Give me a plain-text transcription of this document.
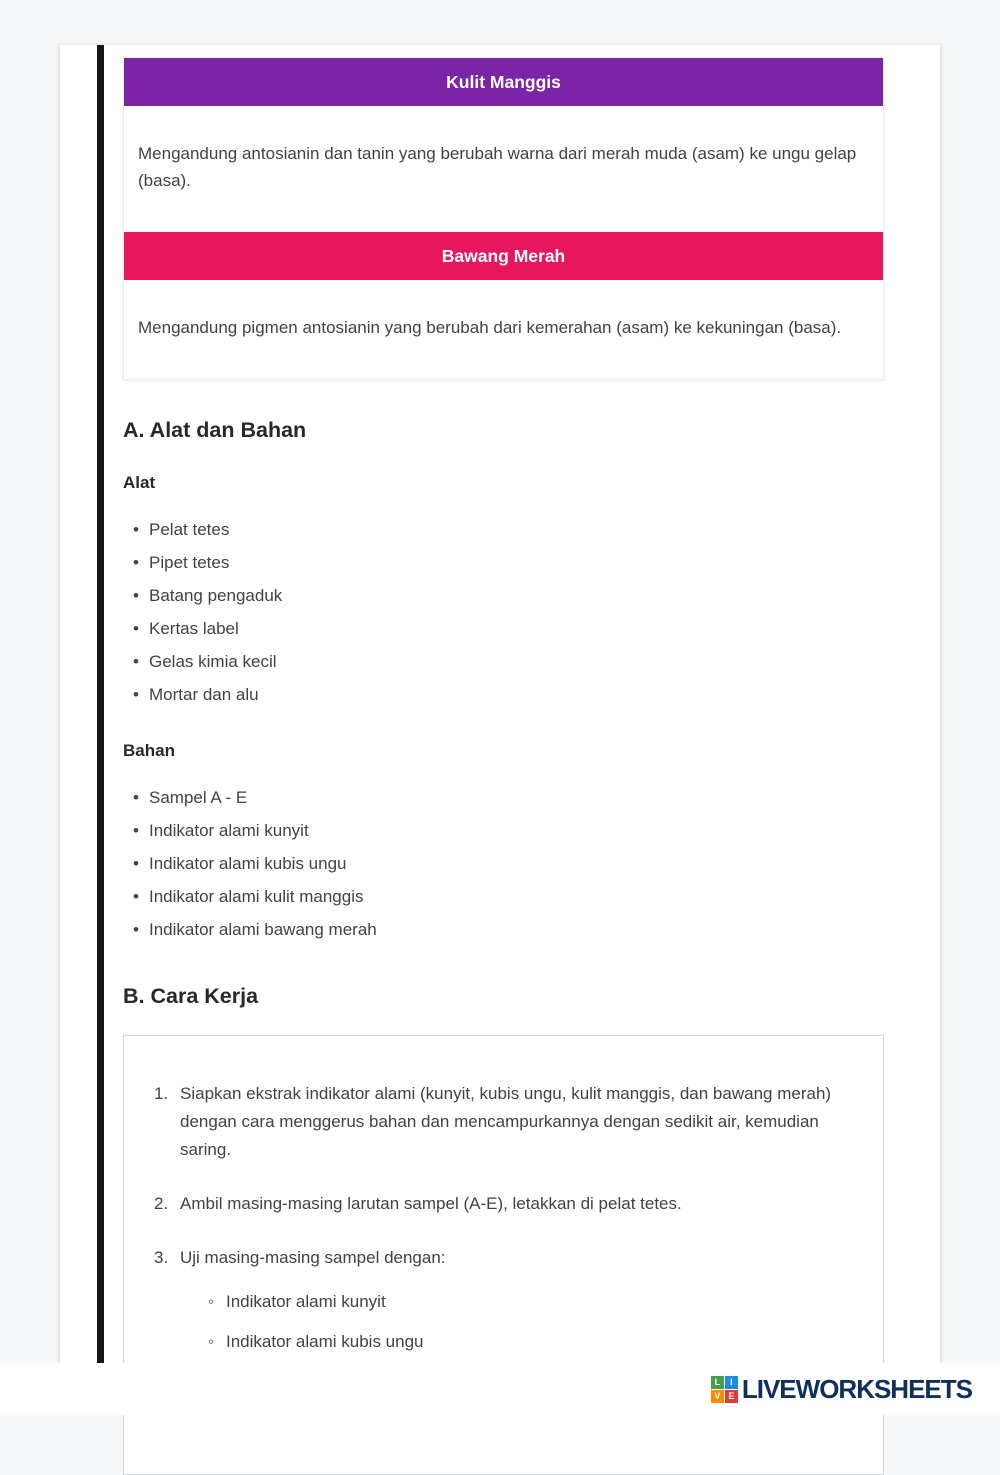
Kulit Manggis

Mengandung antosianin dan tanin yang berubah warna dari merah muda (asam) ke ungu gelap (basa).

Bawang Merah

Mengandung pigmen antosianin yang berubah dari kemerahan (asam) ke kekuningan (basa).

A. Alat dan Bahan
Alat
• Pelat tetes
• Pipet tetes
• Batang pengaduk
• Kertas label
• Gelas kimia kecil
• Mortar dan alu
Bahan
• Sampel A - E
• Indikator alami kunyit
• Indikator alami kubis ungu
• Indikator alami kulit manggis
• Indikator alami bawang merah
B. Cara Kerja
1. Siapkan ekstrak indikator alami (kunyit, kubis ungu, kulit manggis, dan bawang merah) dengan cara menggerus bahan dan mencampurkannya dengan sedikit air, kemudian saring.
2. Ambil masing-masing larutan sampel (A-E), letakkan di pelat tetes.
3. Uji masing-masing sampel dengan:
◦ Indikator alami kunyit
◦ Indikator alami kubis ungu
◦
L	I
V E LIVEWORKSHEETS
